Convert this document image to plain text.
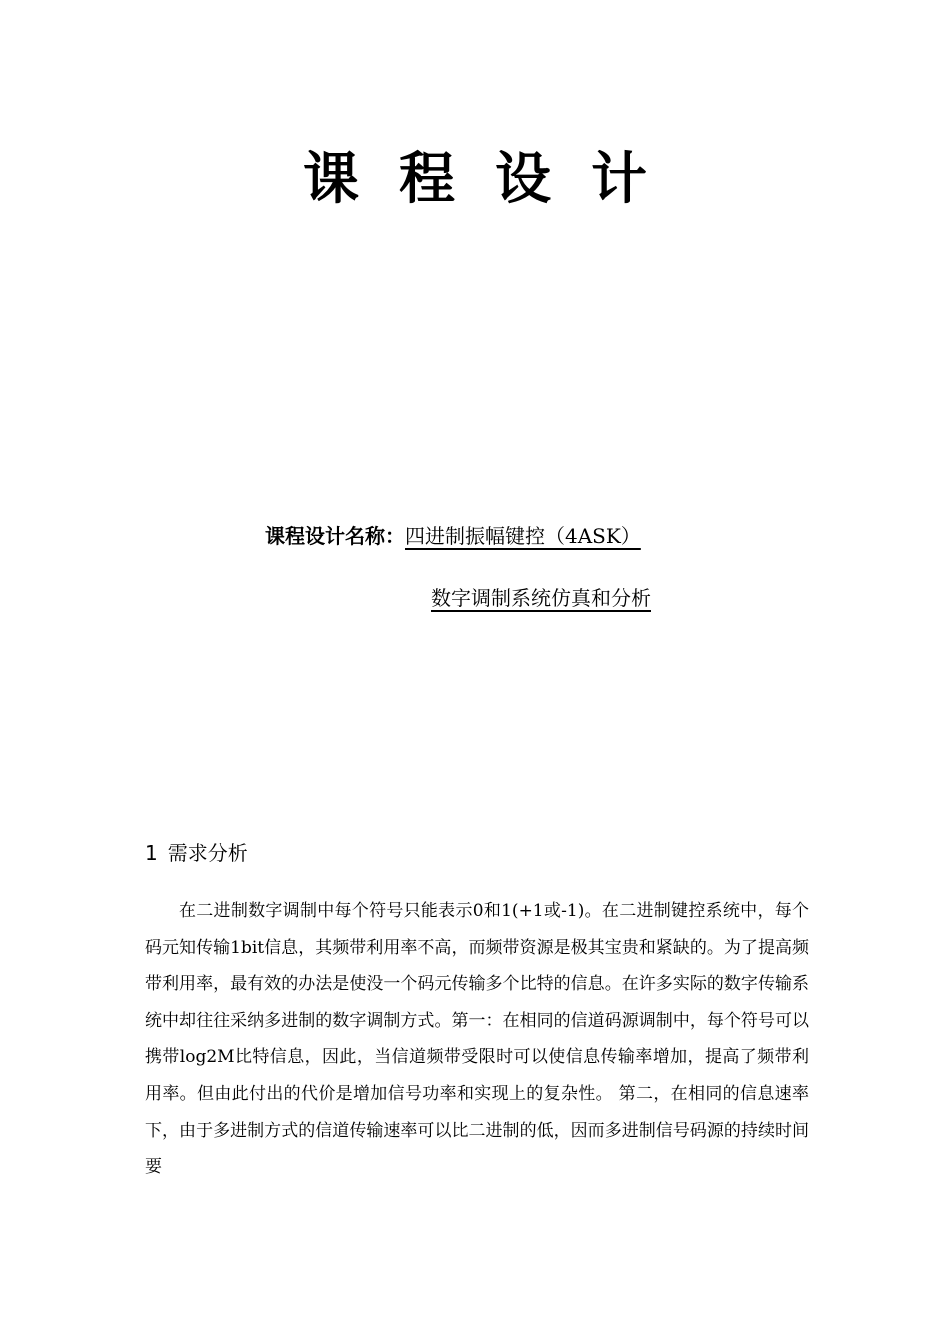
课 程 设 计
课程设计名称：四进制振幅键控（4ASK）
数字调制系统仿真和分析
1 需求分析

在二进制数字调制中每个符号只能表示0和1(+1或-1)。在二进制键控系统中，每个码元知传输1bit信息，其频带利用率不高，而频带资源是极其宝贵和紧缺的。为了提高频带利用率，最有效的办法是使没一个码元传输多个比特的信息。在许多实际的数字传输系统中却往往采纳多进制的数字调制方式。第一：在相同的信道码源调制中，每个符号可以携带log2M比特信息，因此，当信道频带受限时可以使信息传输率增加，提高了频带利用率。但由此付出的代价是增加信号功率和实现上的复杂性。 第二，在相同的信息速率下，由于多进制方式的信道传输速率可以比二进制的低，因而多进制信号码源的持续时间要
